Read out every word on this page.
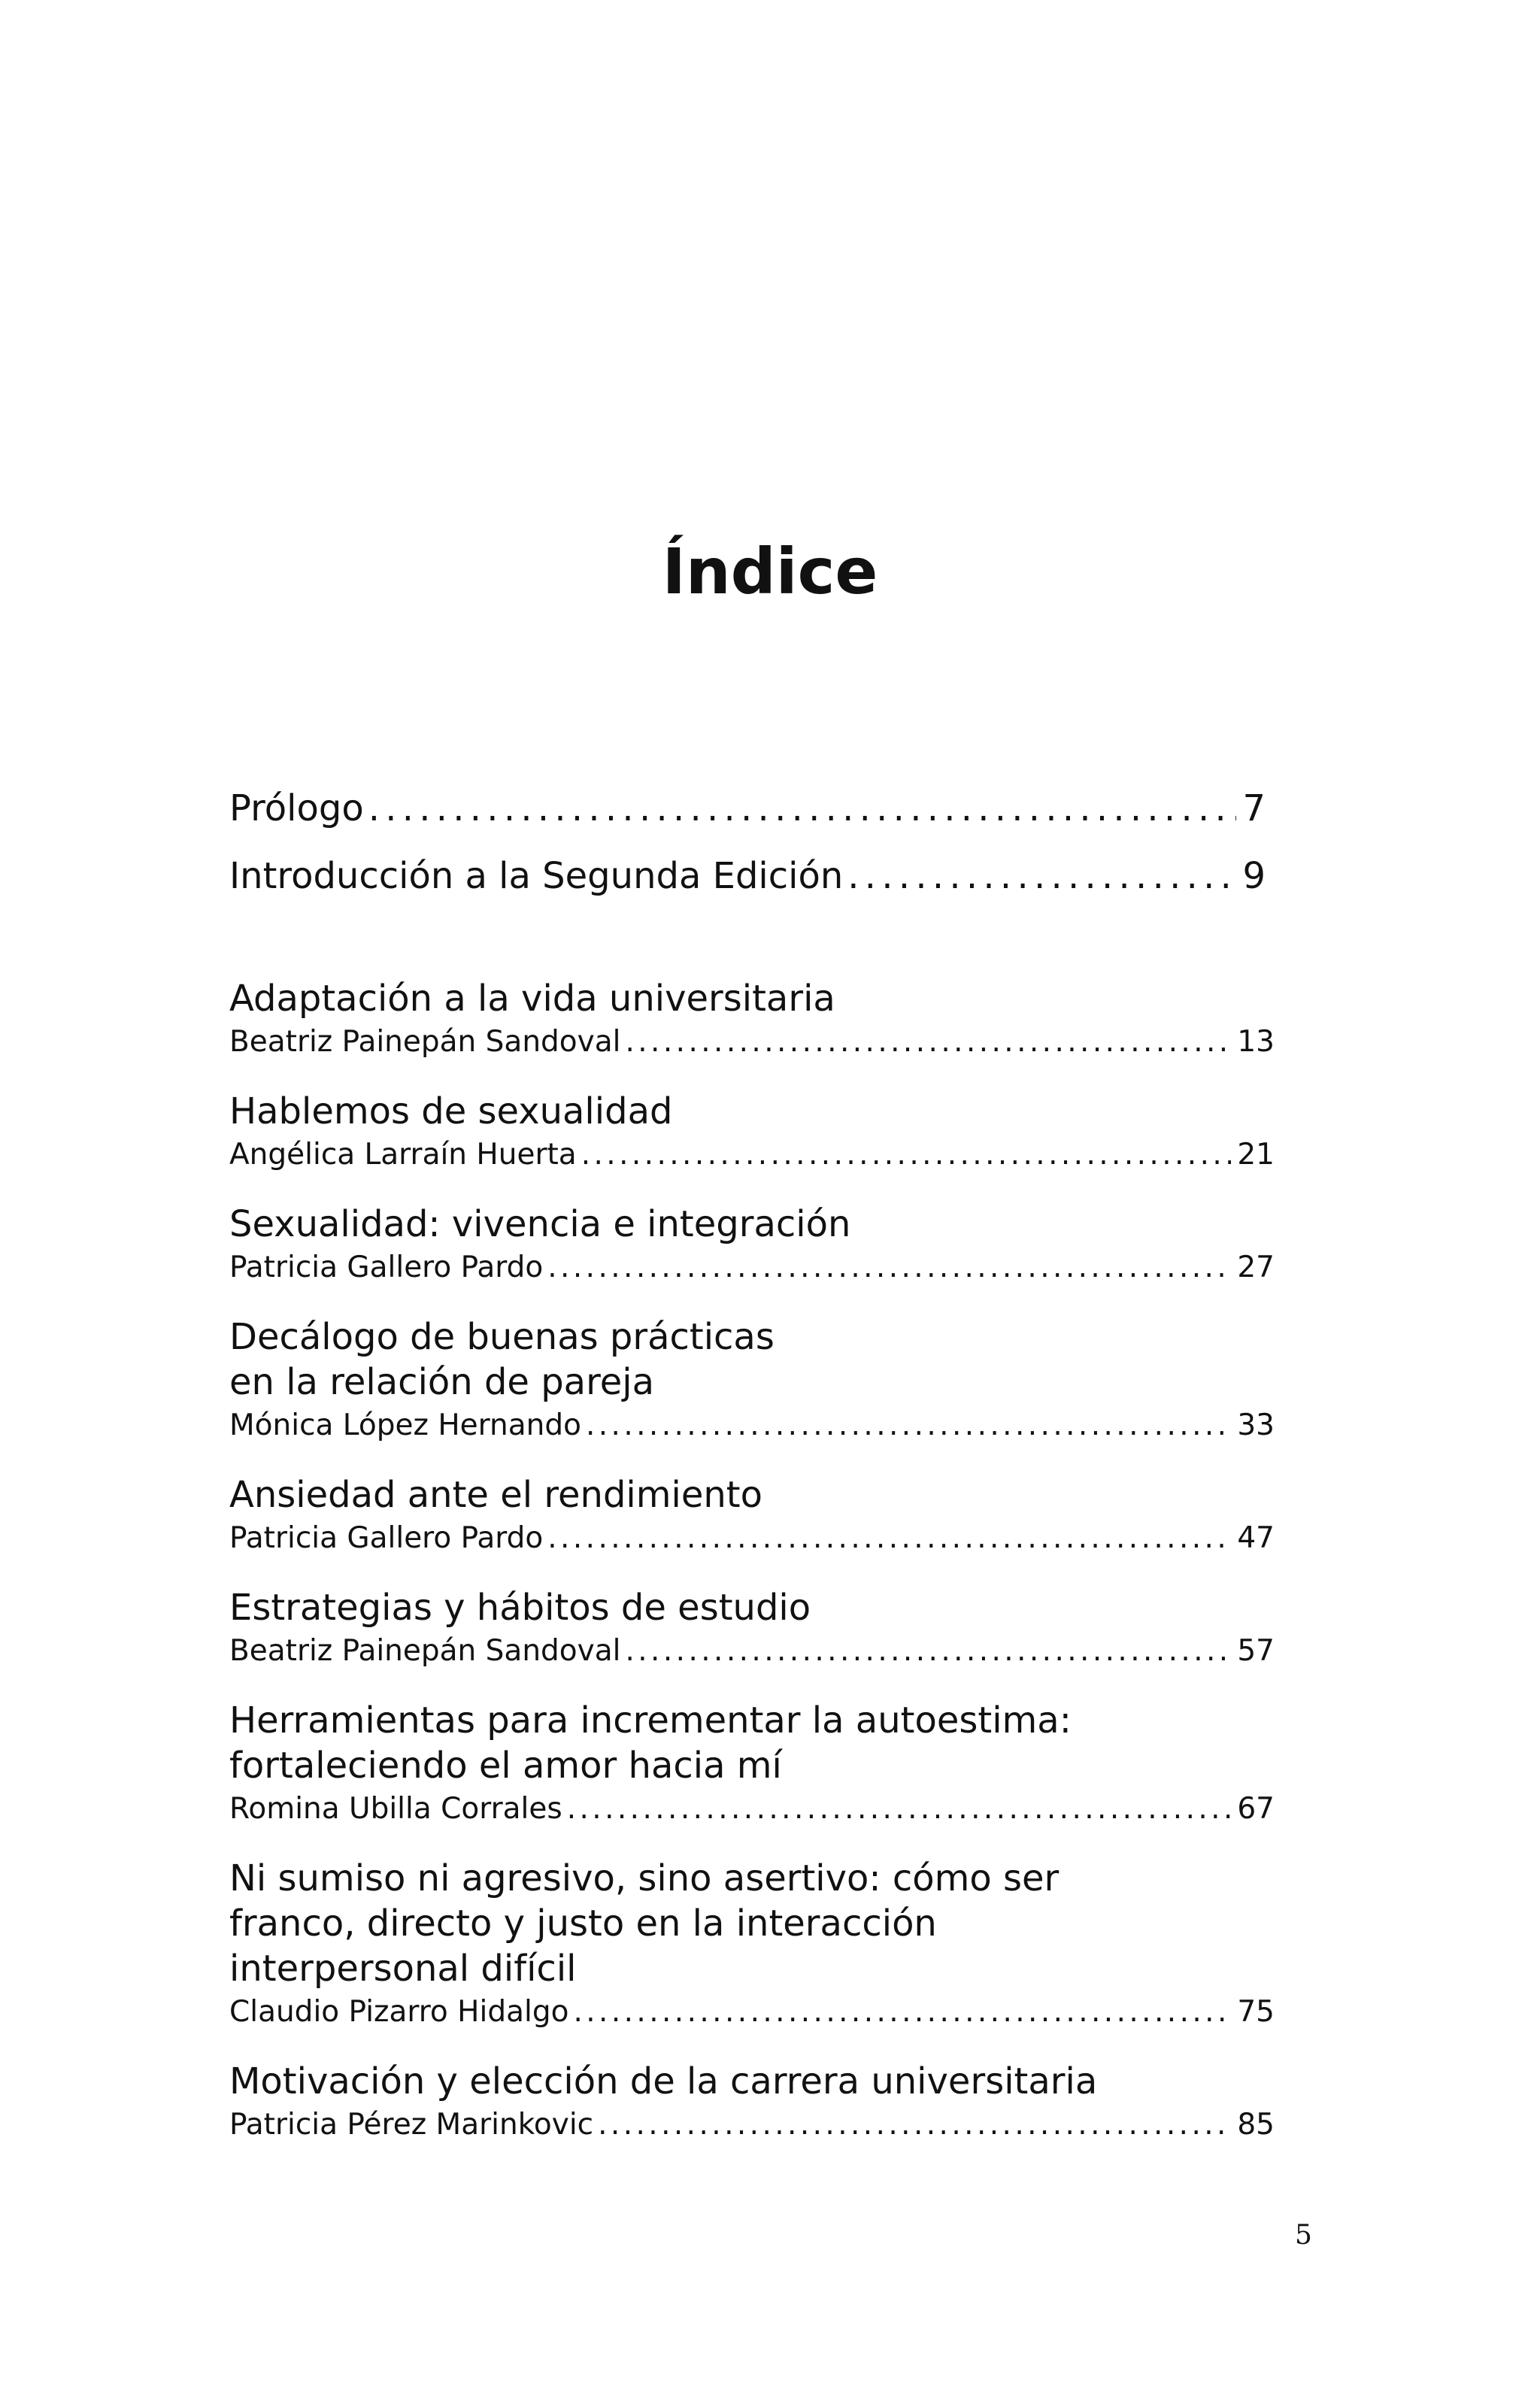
Índice
Prólogo . . .	7
Introducción a la Segunda Edición . . .	9

Adaptación a la vida universitaria

Beatriz Painepán Sandoval . . .	13

Hablemos de sexualidad

Angélica Larraín Huerta . . .	21

Sexualidad: vivencia e integración

Patricia Gallero Pardo . . .	27

Decálogo de buenas prácticas

en la relación de pareja

Mónica López Hernando . . .	33

Ansiedad ante el rendimiento

Patricia Gallero Pardo . . .	47

Estrategias y hábitos de estudio

Beatriz Painepán Sandoval . . .	57

Herramientas para incrementar la autoestima:

fortaleciendo el amor hacia mí

Romina Ubilla Corrales . . .	67

Ni sumiso ni agresivo, sino asertivo: cómo ser

franco, directo y justo en la interacción

interpersonal difícil

Claudio Pizarro Hidalgo . . .	75

Motivación y elección de la carrera universitaria

Patricia Pérez Marinkovic . . .	85
5
